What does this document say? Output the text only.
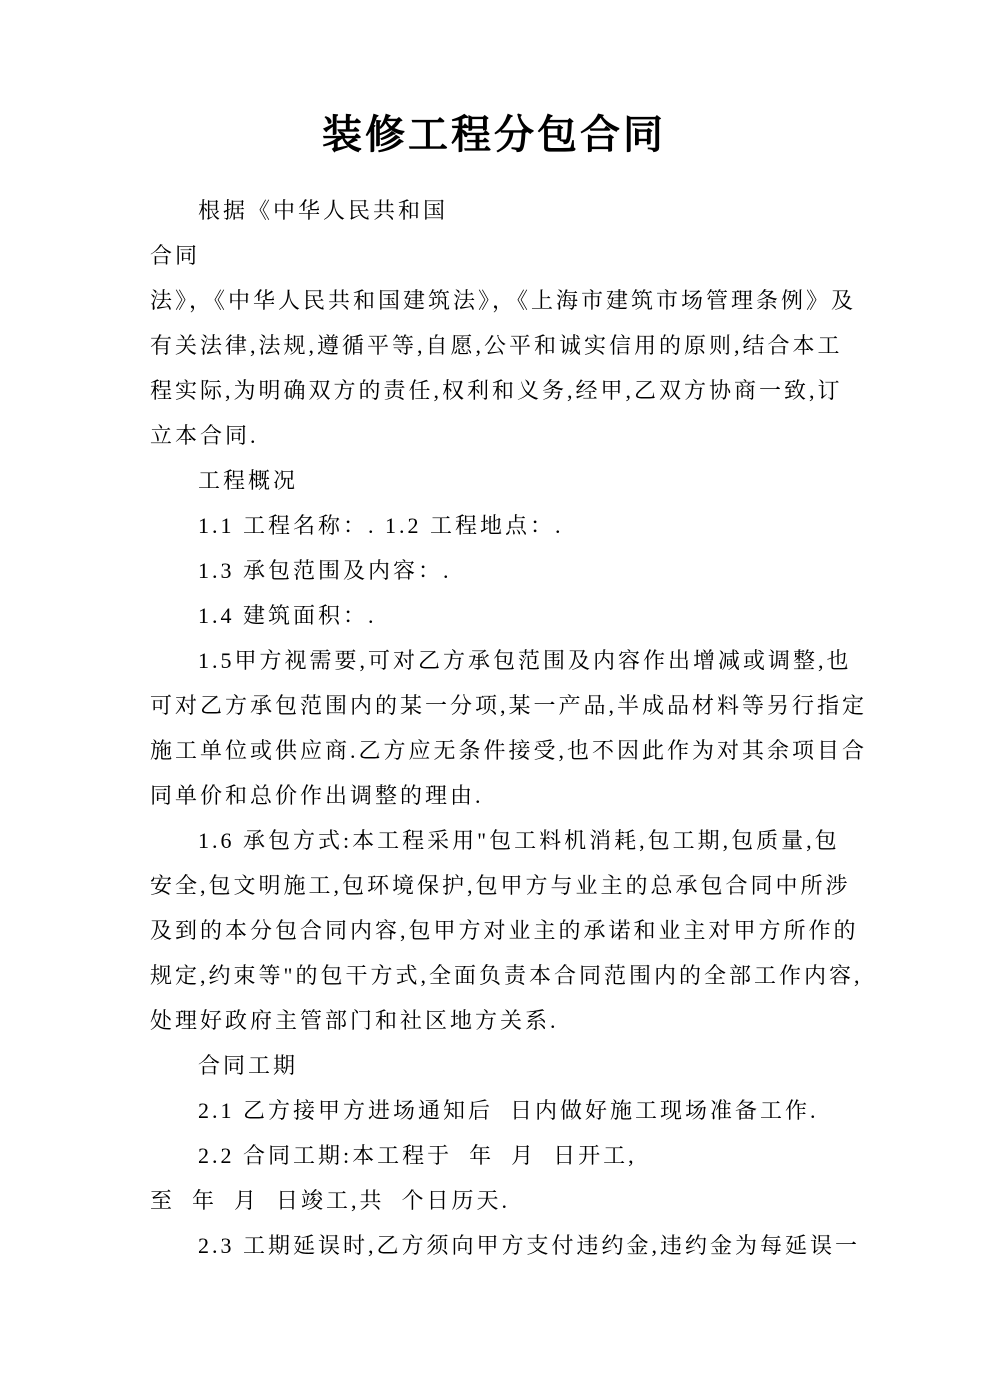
装修工程分包合同
根据《中华人民共和国
合同
法》，《中华人民共和国建筑法》，《上海市建筑市场管理条例》及
有关法律,法规,遵循平等,自愿,公平和诚实信用的原则,结合本工
程实际,为明确双方的责任,权利和义务,经甲,乙双方协商一致,订
立本合同.
工程概况
1.1 工程名称：. 1.2 工程地点：.
1.3 承包范围及内容：.
1.4 建筑面积：.
1.5甲方视需要,可对乙方承包范围及内容作出增减或调整,也
可对乙方承包范围内的某一分项,某一产品,半成品材料等另行指定
施工单位或供应商.乙方应无条件接受,也不因此作为对其余项目合
同单价和总价作出调整的理由.
1.6 承包方式:本工程采用"包工料机消耗,包工期,包质量,包
安全,包文明施工,包环境保护,包甲方与业主的总承包合同中所涉
及到的本分包合同内容,包甲方对业主的承诺和业主对甲方所作的
规定,约束等"的包干方式,全面负责本合同范围内的全部工作内容,
处理好政府主管部门和社区地方关系.
合同工期
2.1 乙方接甲方进场通知后  日内做好施工现场准备工作.
2.2 合同工期:本工程于  年  月  日开工,
至  年  月  日竣工,共  个日历天.
2.3 工期延误时,乙方须向甲方支付违约金,违约金为每延误一
